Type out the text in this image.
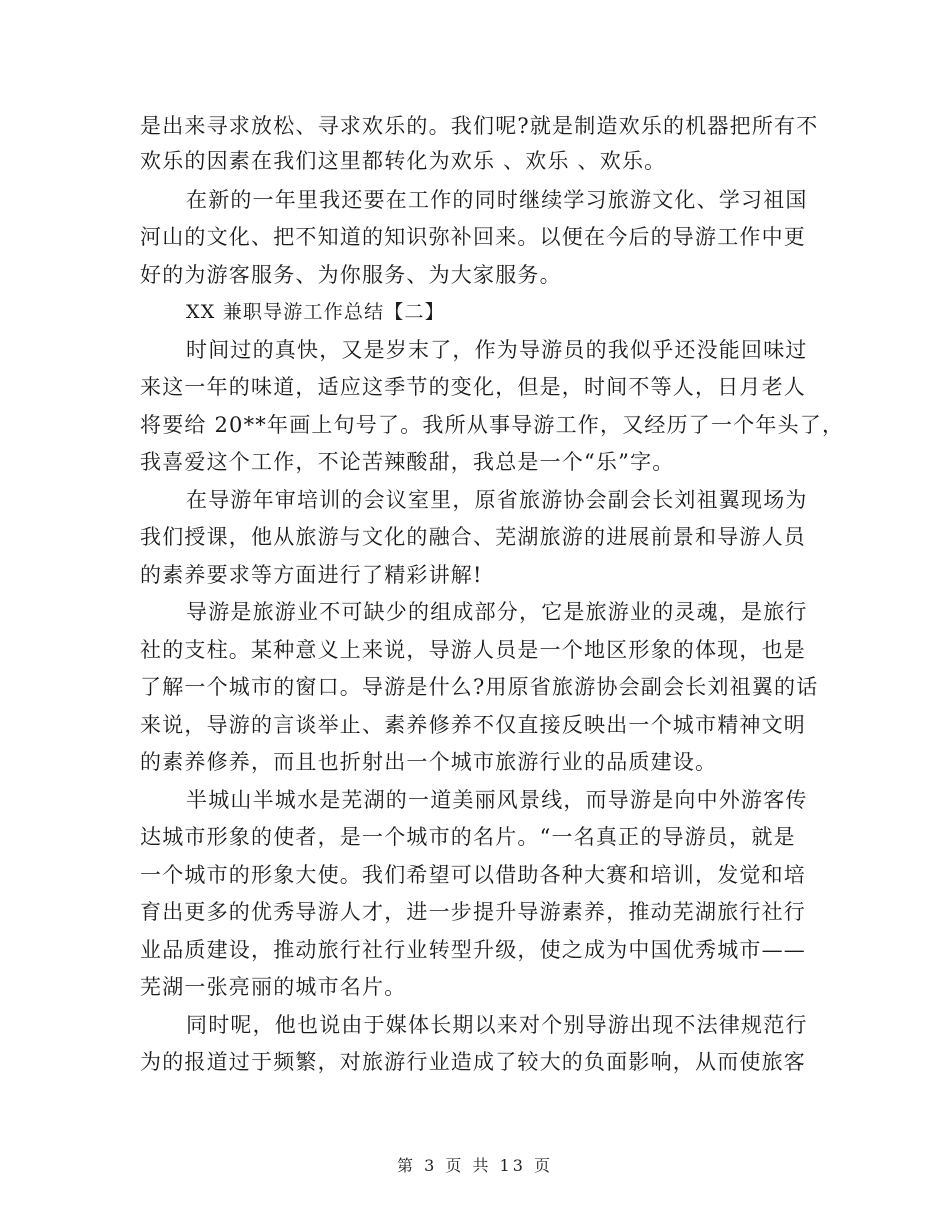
是出来寻求放松、寻求欢乐的。我们呢?就是制造欢乐的机器把所有不
欢乐的因素在我们这里都转化为欢乐 、欢乐 、欢乐。
在新的一年里我还要在工作的同时继续学习旅游文化、学习祖国
河山的文化、把不知道的知识弥补回来。以便在今后的导游工作中更
好的为游客服务、为你服务、为大家服务。
XX 兼职导游工作总结【二】
时间过的真快，又是岁末了，作为导游员的我似乎还没能回味过
来这一年的味道，适应这季节的变化，但是，时间不等人，日月老人
将要给 20**年画上句号了。我所从事导游工作，又经历了一个年头了，
我喜爱这个工作，不论苦辣酸甜，我总是一个“乐”字。
在导游年审培训的会议室里，原省旅游协会副会长刘祖翼现场为
我们授课，他从旅游与文化的融合、芜湖旅游的进展前景和导游人员
的素养要求等方面进行了精彩讲解!
导游是旅游业不可缺少的组成部分，它是旅游业的灵魂，是旅行
社的支柱。某种意义上来说，导游人员是一个地区形象的体现，也是
了解一个城市的窗口。导游是什么?用原省旅游协会副会长刘祖翼的话
来说，导游的言谈举止、素养修养不仅直接反映出一个城市精神文明
的素养修养，而且也折射出一个城市旅游行业的品质建设。
半城山半城水是芜湖的一道美丽风景线，而导游是向中外游客传
达城市形象的使者，是一个城市的名片。“一名真正的导游员，就是
一个城市的形象大使。我们希望可以借助各种大赛和培训，发觉和培
育出更多的优秀导游人才，进一步提升导游素养，推动芜湖旅行社行
业品质建设，推动旅行社行业转型升级，使之成为中国优秀城市——
芜湖一张亮丽的城市名片。
同时呢，他也说由于媒体长期以来对个别导游出现不法律规范行
为的报道过于频繁，对旅游行业造成了较大的负面影响，从而使旅客
第 3 页 共 13 页
